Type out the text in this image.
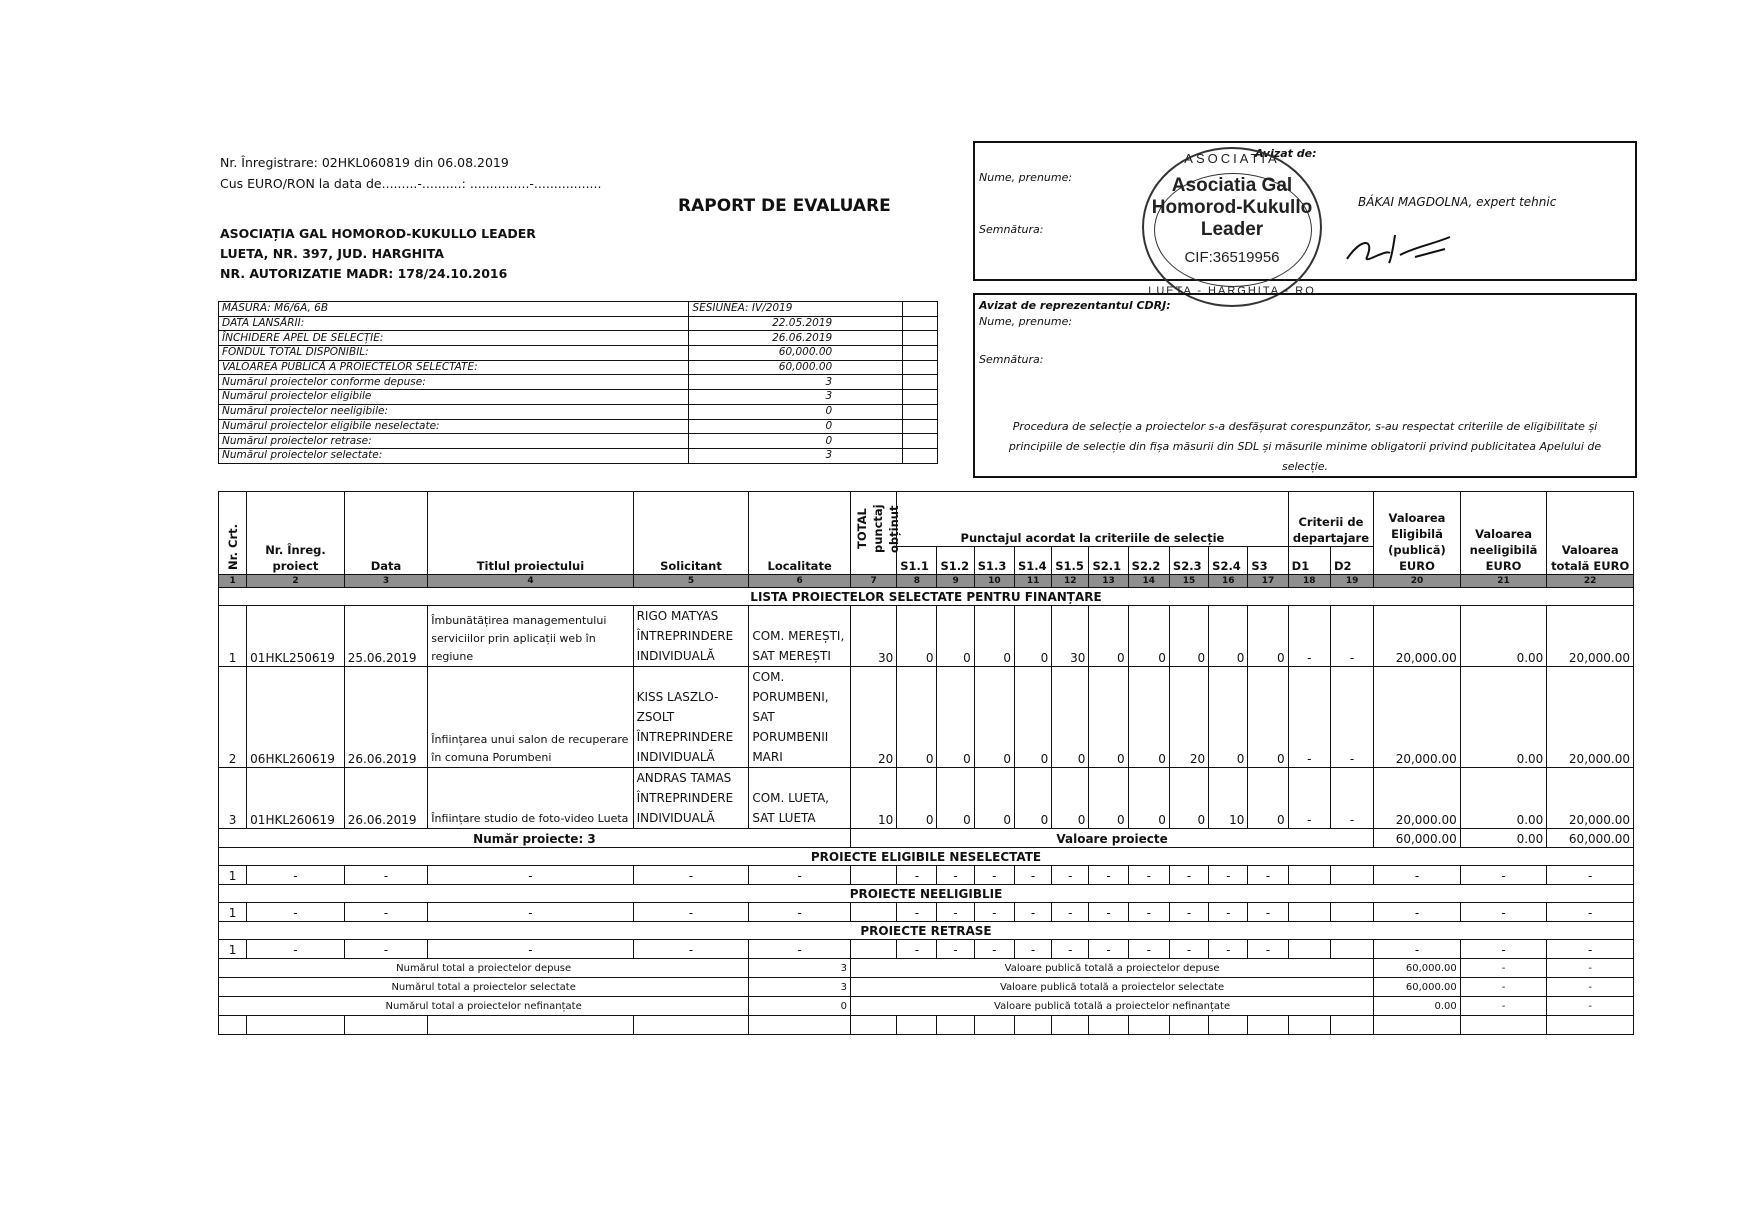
Nr. Înregistrare: 02HKL060819 din 06.08.2019
Cus EURO/RON la data de.........-..........: ...............-.................
ASOCIAȚIA GAL HOMOROD-KUKULLO LEADER
LUETA, NR. 397, JUD. HARGHITA
NR. AUTORIZATIE MADR: 178/24.10.2016
RAPORT DE EVALUARE
MĂSURA: M6/6A, 6B	SESIUNEA: IV/2019	
DATA LANSĂRII:	22.05.2019	
ÎNCHIDERE APEL DE SELECȚIE:	26.06.2019	
FONDUL TOTAL DISPONIBIL:	60,000.00	
VALOAREA PUBLICĂ A PROIECTELOR SELECTATE:	60,000.00	
Numărul proiectelor conforme depuse:	3	
Numărul proiectelor eligibile	3	
Numărul proiectelor neeligibile:	0	
Numărul proiectelor eligibile neselectate:	0	
Numărul proiectelor retrase:	0	
Numărul proiectelor selectate:	3	
Nume, prenume:
Semnătura:
Avizat de:
BÁKAI MAGDOLNA, expert tehnic
ASOCIATIA
Asociatia Gal
Homorod-Kukullo
Leader
CIF:36519956
LUETA - HARGHITA - RO
Avizat de reprezentantul CDRJ:
Nume, prenume:
Semnătura:
Procedura de selecție a proiectelor s-a desfășurat corespunzător, s-au respectat criteriile de eligibilitate și principiile de selecție din fișa măsurii din SDL și măsurile minime obligatorii privind publicitatea Apelului de selecție.
Nr. Crt.	Nr. Înreg. proiect	Data	Titlul proiectului	Solicitant	Localitate	TOTAL punctaj obținut	Punctajul acordat la criteriile de selecție										Criterii de departajare		Valoarea Eligibilă (publică) EURO	Valoarea neeligibilă EURO	Valoarea totală EURO
							S1.1	S1.2	S1.3	S1.4	S1.5	S2.1	S2.2	S2.3	S2.4	S3	D1	D2			
1	2	3	4	5	6	7	8	9	10	11	12	13	14	15	16	17	18	19	20	21	22
LISTA PROIECTELOR SELECTATE PENTRU FINANȚARE																					
1	01HKL250619	25.06.2019	Îmbunătățirea managementului serviciilor prin aplicații web în regiune	RIGO MATYAS ÎNTREPRINDERE INDIVIDUALĂ	COM. MEREȘTI, SAT MEREȘTI	30	0	0	0	0	30	0	0	0	0	0	-	-	20,000.00	0.00	20,000.00
2	06HKL260619	26.06.2019	Înființarea unui salon de recuperare în comuna Porumbeni	KISS LASZLO-ZSOLT ÎNTREPRINDERE INDIVIDUALĂ	COM. PORUMBENI, SAT PORUMBENII MARI	20	0	0	0	0	0	0	0	20	0	0	-	-	20,000.00	0.00	20,000.00
3	01HKL260619	26.06.2019	Înființare studio de foto-video Lueta	ANDRAS TAMAS ÎNTREPRINDERE INDIVIDUALĂ	COM. LUETA, SAT LUETA	10	0	0	0	0	0	0	0	0	10	0	-	-	20,000.00	0.00	20,000.00
Număr proiecte: 3						Valoare proiecte													60,000.00	0.00	60,000.00
PROIECTE ELIGIBILE NESELECTATE																					
1	-	-	-	-	-		-	-	-	-	-	-	-	-	-	-			-	-	-
PROIECTE NEELIGIBLIE																					
1	-	-	-	-	-		-	-	-	-	-	-	-	-	-	-			-	-	-
PROIECTE RETRASE																					
1	-	-	-	-	-		-	-	-	-	-	-	-	-	-	-			-	-	-
Numărul total a proiectelor depuse					3	Valoare publică totală a proiectelor depuse													60,000.00	-	-
Numărul total a proiectelor selectate					3	Valoare publică totală a proiectelor selectate													60,000.00	-	-
Numărul total a proiectelor nefinanțate					0	Valoare publică totală a proiectelor nefinanțate													0.00	-	-
